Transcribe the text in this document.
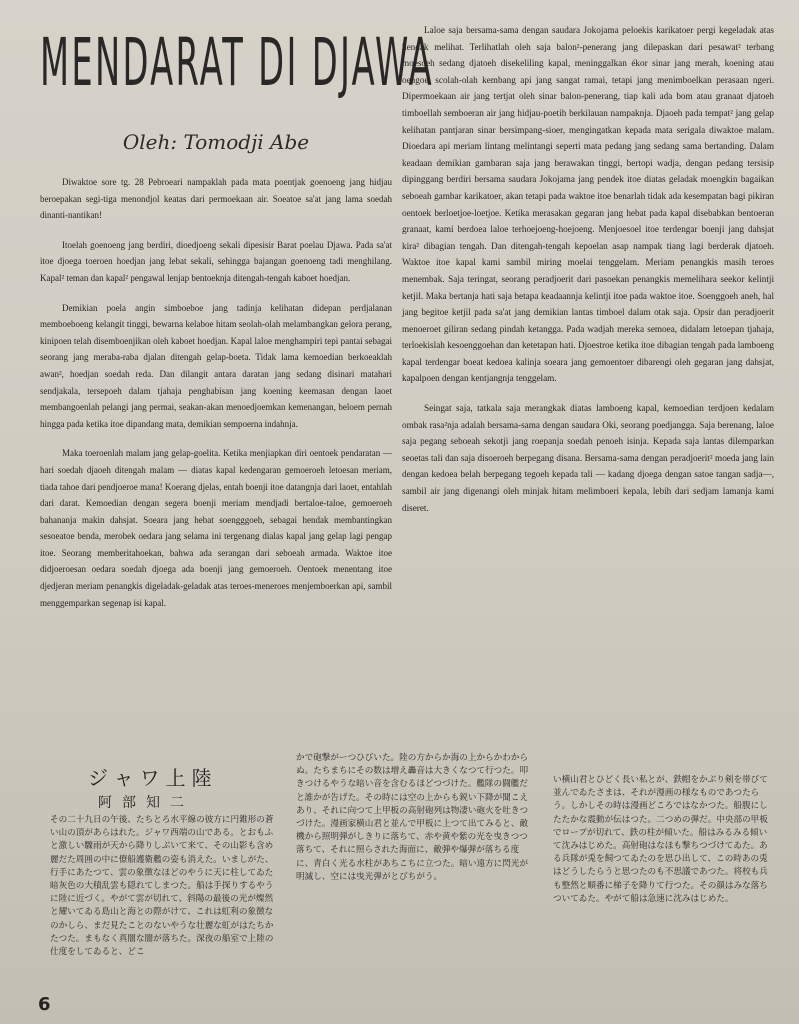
MENDARAT DI DJAWA
Oleh: Tomodji Abe

Diwaktoe sore tg. 28 Pebroeari nampaklah pada mata poentjak goenoeng jang hidjau beroepakan segi-tiga menondjol keatas dari permoekaan air. Soeatoe sa'at jang lama soedah dinanti-nantikan!

Itoelah goenoeng jang berdiri, dioedjoeng sekali dipesisir Barat poelau Djawa. Pada sa'at itoe djoega toeroen hoedjan jang lebat sekali, sehingga bajangan goenoeng tadi menghilang. Kapal² teman dan kapal² pengawal lenjap bentoeknja ditengah-tengah kaboet hoedjan.

Demikian poela angin simboeboe jang tadinja kelihatan didepan perdjalanan memboeboeng kelangit tinggi, bewarna kelaboe hitam seolah-olah melambangkan gelora perang, kinipoen telah disemboenjikan oleh kaboet hoedjan. Kapal laloe menghampiri tepi pantai sebagai seorang jang meraba-raba djalan ditengah gelap-boeta. Tidak lama kemoedian berkoeaklah awan², hoedjan soedah reda. Dan dilangit antara daratan jang sedang disinari matahari sendjakala, tersepoeh dalam tjahaja penghabisan jang koening keemasan dengan laoet membangoenlah pelangi jang permai, seakan-akan menoedjoemkan kemenangan, beloem pernah hingga pada ketika itoe dipandang mata, demikian sempoerna indahnja.

Maka toeroenlah malam jang gelap-goelita. Ketika menjiapkan diri oentoek pendaratan — hari soedah djaoeh ditengah malam — diatas kapal kedengaran gemoeroeh letoesan meriam, tiada tahoe dari pendjoeroe mana! Koerang djelas, entah boenji itoe datangnja dari laoet, entahlah dari darat. Kemoedian dengan segera boenji meriam mendjadi bertaloe-taloe, gemoeroeh bahananja makin dahsjat. Soeara jang hebat soengggoeh, sebagai hendak membantingkan sesoeatoe benda, merobek oedara jang selama ini tergenang dialas kapal jang gelap lagi pengap itoe. Seorang memberitahoekan, bahwa ada serangan dari seboeah armada. Waktoe itoe didjoeroesan oedara soedah djoega ada boenji jang gemoeroeh. Oentoek menentang itoe djedjeran meriam penangkis digeladak-geladak atas teroes-meneroes menjemboerkan api, sambil menggemparkan segenap isi kapal.

Laloe saja bersama-sama dengan saudara Jokojama peloekis karikatoer pergi kegeladak atas hendak melihat. Terlihatlah oleh saja balon²-penerang jang dilepaskan dari pesawat² terbang moesoeh sedang djatoeh disekeliling kapal, meninggalkan ékor sinar jang merah, koening atau oengoe, scolah-olah kembang api jang sangat ramai, tetapi jang menimboelkan perasaan ngeri. Dipermoekaan air jang tertjat oleh sinar balon-penerang, tiap kali ada bom atau granaat djatoeh timboellah semboeran air jang hidjau-poetih berkilauan nampaknja. Djaoeh pada tempat² jang gelap kelihatan pantjaran sinar bersimpang-sioer, mengingatkan kepada mata serigala diwaktoe malam. Dioedara api meriam lintang melintangi seperti mata pedang jang sedang sama bertanding. Dalam keadaan demikian gambaran saja jang berawakan tinggi, bertopi wadja, dengan pedang tersisip dipinggang berdiri bersama saudara Jokojama jang pendek itoe diatas geladak moengkin bagaikan seboeah gambar karikatoer, akan tetapi pada waktoe itoe benarlah tidak ada kesempatan bagi pikiran oentoek berloetjoe-loetjoe. Ketika merasakan gegaran jang hebat pada kapal disebabkan bentoeran granaat, kami berdoea laloe terhoejoeng-hoejoeng. Menjoesoel itoe terdengar boenji jang dahsjat kira² dibagian tengah. Dan ditengah-tengah kepoelan asap nampak tiang lagi berderak djatoeh. Waktoe itoe kapal kami sambil miring moelai tenggelam. Meriam penangkis masih teroes menembak. Saja teringat, seorang peradjoerit dari pasoekan penangkis memelihara seekor kelintji ketjil. Maka bertanja hati saja betapa keadaannja kelintji itoe pada waktoe itoe. Soenggoeh aneh, hal jang begitoe ketjil pada sa'at jang demikian lantas timboel dalam otak saja. Opsir dan peradjoerit menoeroet giliran sedang pindah ketangga. Pada wadjah mereka semoea, didalam letoepan tjahaja, terloekislah kesoenggoehan dan ketetapan hati. Djoestroe ketika itoe dibagian tengah pada lamboeng kapal terdengar boeat kedoea kalinja soeara jang gemoentoer dibarengi oleh gegaran jang dahsjat, kapalpoen dengan kentjangnja tenggelam.

Seingat saja, tatkala saja merangkak diatas lamboeng kapal, kemoedian terdjoen kedalam ombak rasa²nja adalah bersama-sama dengan saudara Oki, seorang poedjangga. Saja berenang, laloe saja pegang seboeah sekotji jang roepanja soedah penoeh isinja. Kepada saja lantas dilemparkan seoetas tali dan saja disoeroeh berpegang disana. Bersama-sama dengan peradjoerit² moeda jang lain dengan kedoea belah berpegang tegoeh kepada tali — kadang djoega dengan satoe tangan sadja—, sambil air jang digenangi oleh minjak hitam melimboeri kepala, lebih dari sedjam lamanja kami diseret.

ジャワ上陸
阿部知二
その二十九日の午後、たちとろ水平線の彼方に円錐形の蒼い山の頂があらはれた。ジャワ西端の山である。とおもふと激しい驟雨が天から降りしぶいて来て、その山影も含め麗だた周囲の中に僚船護衛艦の姿も消えた。いましがた、行手にあたつて、雲の象徴なほどのやうに天に柱してゐた暗灰色の大積乱雲も隠れてしまつた。船は手探りするやうに陸に近づく。やがて雲が切れて、斜陽の最後の光が燦然と耀いてゐる島山と海との際がけて、これは虹利の象徴なのかしら、まだ見たことのないやうな壮麗な虹がはたちかたつた。まもなく真闇な闇が落ちた。深夜の船室で上陸の仕度をしてゐると、どこ
かで砲撃がーつひびいた。陸の方からか海の上からかわからぬ。たちまちにその数は増え轟音は大きくなつて行つた。叩きつけるやうな暗い音を含むるほどつづけた。艦隊の闘艦だと誰かが告げた。その時には空の上からも鋭い下降が聞こえあり、それに向つて上甲板の高射砲列は物凄い砲火を吐きつづけた。漫画家横山君と並んで甲板に上つて出てみると、敵機から照明弾がしきりに落ちて、赤や黄や紫の光を曳きつつ落ちて、それに照らされた海面に、敵弾や爆弾が落ちる度に、青白く光る水柱があちこちに立つた。暗い遠方に閃光が明滅し、空には曳光弾がとびちがう。
い横山君とひどく長い私とが、鉄帽をかぶり剣を帯びて並んでゐたさまは、それが漫画の様なものであつたらう。しかしその時は漫画どころではなかつた。船腹にしたたかな震動が伝はつた。二つめの弾だ。中央部の甲板でロープが切れて、鉄の柱が傾いた。船はみるみる傾いて沈みはじめた。高射砲はなほも撃ちつづけてゐた。ある兵隊が兎を飼つてゐたのを思ひ出して、この時あの兎はどうしたらうと思つたのも不思議であつた。将校も兵も整然と順番に梯子を降りて行つた。その顔はみな落ちついてゐた。やがて船は急速に沈みはじめた。
6
